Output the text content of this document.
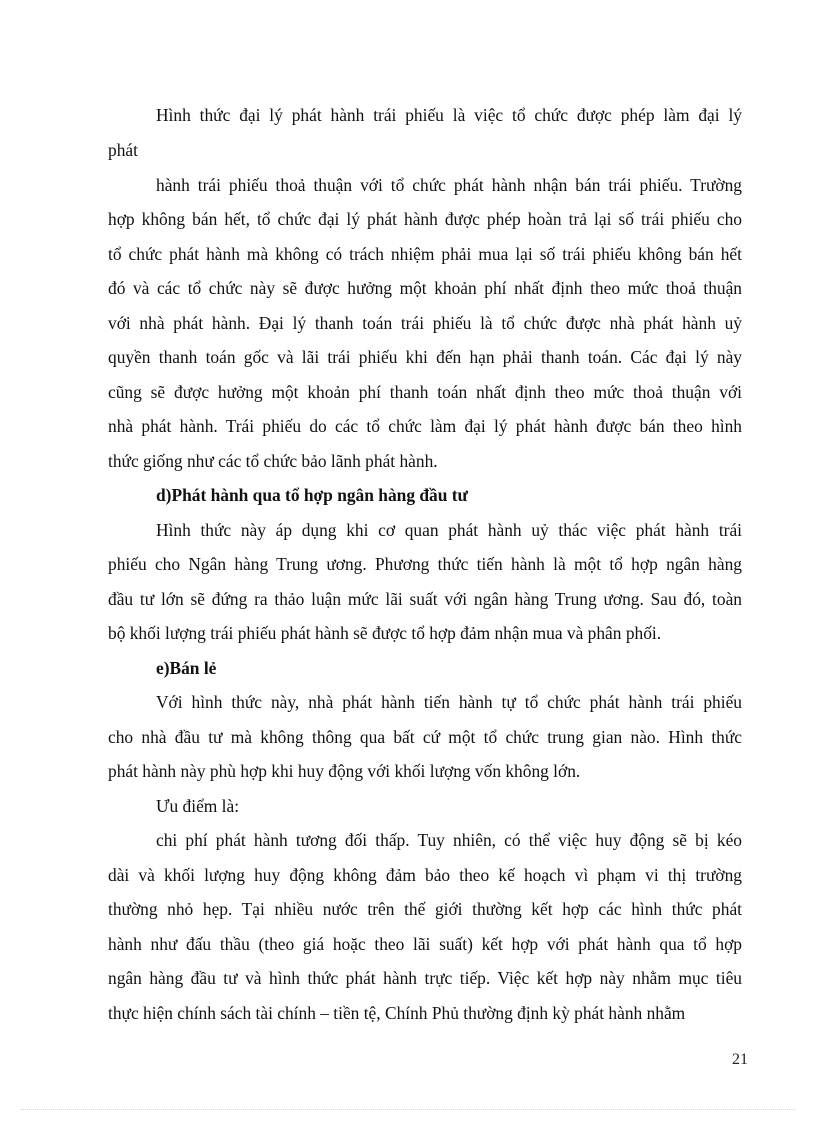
Hình thức đại lý phát hành trái phiếu là việc tổ chức được phép làm đại lý
phát
hành trái phiếu thoả thuận với tổ chức phát hành nhận bán trái phiếu. Trường
hợp không bán hết, tổ chức đại lý phát hành được phép hoàn trả lại số trái phiếu cho
tổ chức phát hành mà không có trách nhiệm phải mua lại số trái phiếu không bán hết
đó và các tổ chức này sẽ được hưởng một khoản phí nhất định theo mức thoả thuận
với nhà phát hành. Đại lý thanh toán trái phiếu là tổ chức được nhà phát hành uỷ
quyền thanh toán gốc và lãi trái phiếu khi đến hạn phải thanh toán. Các đại lý này
cũng sẽ được hưởng một khoản phí thanh toán nhất định theo mức thoả thuận với
nhà phát hành. Trái phiếu do các tổ chức làm đại lý phát hành được bán theo hình
thức giống như các tổ chức bảo lãnh phát hành.
d)Phát hành qua tổ hợp ngân hàng đầu tư
Hình thức này áp dụng khi cơ quan phát hành uỷ thác việc phát hành trái
phiếu cho Ngân hàng Trung ương. Phương thức tiến hành là một tổ hợp ngân hàng
đầu tư lớn sẽ đứng ra thảo luận mức lãi suất với ngân hàng Trung ương. Sau đó, toàn
bộ khối lượng trái phiếu phát hành sẽ được tổ hợp đảm nhận mua và phân phối.
e)Bán lẻ
Với hình thức này, nhà phát hành tiến hành tự tổ chức phát hành trái phiếu
cho nhà đầu tư mà không thông qua bất cứ một tổ chức trung gian nào. Hình thức
phát hành này phù hợp khi huy động với khối lượng vốn không lớn.
Ưu điểm là:
chi phí phát hành tương đối thấp. Tuy nhiên, có thể việc huy động sẽ bị kéo
dài và khối lượng huy động không đảm bảo theo kế hoạch vì phạm vi thị trường
thường nhỏ hẹp. Tại nhiều nước trên thế giới thường kết hợp các hình thức phát
hành như đấu thầu (theo giá hoặc theo lãi suất) kết hợp với phát hành qua tổ hợp
ngân hàng đầu tư và hình thức phát hành trực tiếp. Việc kết hợp này nhằm mục tiêu
thực hiện chính sách tài chính – tiền tệ, Chính Phủ thường định kỳ phát hành nhằm
21
